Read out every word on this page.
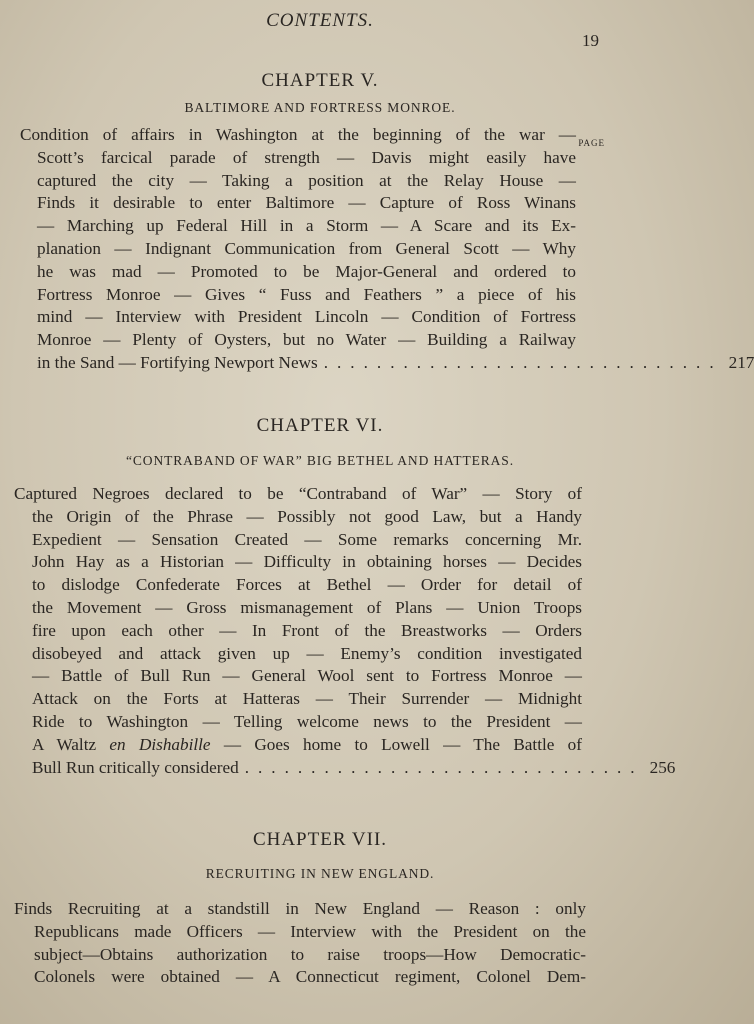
CONTENTS.
19
CHAPTER V.
BALTIMORE AND FORTRESS MONROE.
PAGE
Condition of affairs in Washington at the beginning of the war —
Scott’s farcical parade of strength — Davis might easily have
captured the city — Taking a position at the Relay House —
Finds it desirable to enter Baltimore — Capture of Ross Winans
— Marching up Federal Hill in a Storm — A Scare and its Ex-
planation — Indignant Communication from General Scott — Why
he was mad — Promoted to be Major-General and ordered to
Fortress Monroe — Gives “ Fuss and Feathers ” a piece of his
mind — Interview with President Lincoln — Condition of Fortress
Monroe — Plenty of Oysters, but no Water — Building a Railway
in the Sand — Fortifying Newport News .............................. 217
CHAPTER VI.
“CONTRABAND OF WAR” BIG BETHEL AND HATTERAS.
Captured Negroes declared to be “Contraband of War” — Story of
the Origin of the Phrase — Possibly not good Law, but a Handy
Expedient — Sensation Created — Some remarks concerning Mr.
John Hay as a Historian — Difficulty in obtaining horses — Decides
to dislodge Confederate Forces at Bethel — Order for detail of
the Movement — Gross mismanagement of Plans — Union Troops
fire upon each other — In Front of the Breastworks — Orders
disobeyed and attack given up — Enemy’s condition investigated
— Battle of Bull Run — General Wool sent to Fortress Monroe —
Attack on the Forts at Hatteras — Their Surrender — Midnight
Ride to Washington — Telling welcome news to the President —
A Waltz en Dishabille — Goes home to Lowell — The Battle of
Bull Run critically considered .............................. 256
CHAPTER VII.
RECRUITING IN NEW ENGLAND.
Finds Recruiting at a standstill in New England — Reason : only
Republicans made Officers — Interview with the President on the
subject—Obtains authorization to raise troops—How Democratic-
Colonels were obtained — A Connecticut regiment, Colonel Dem-
